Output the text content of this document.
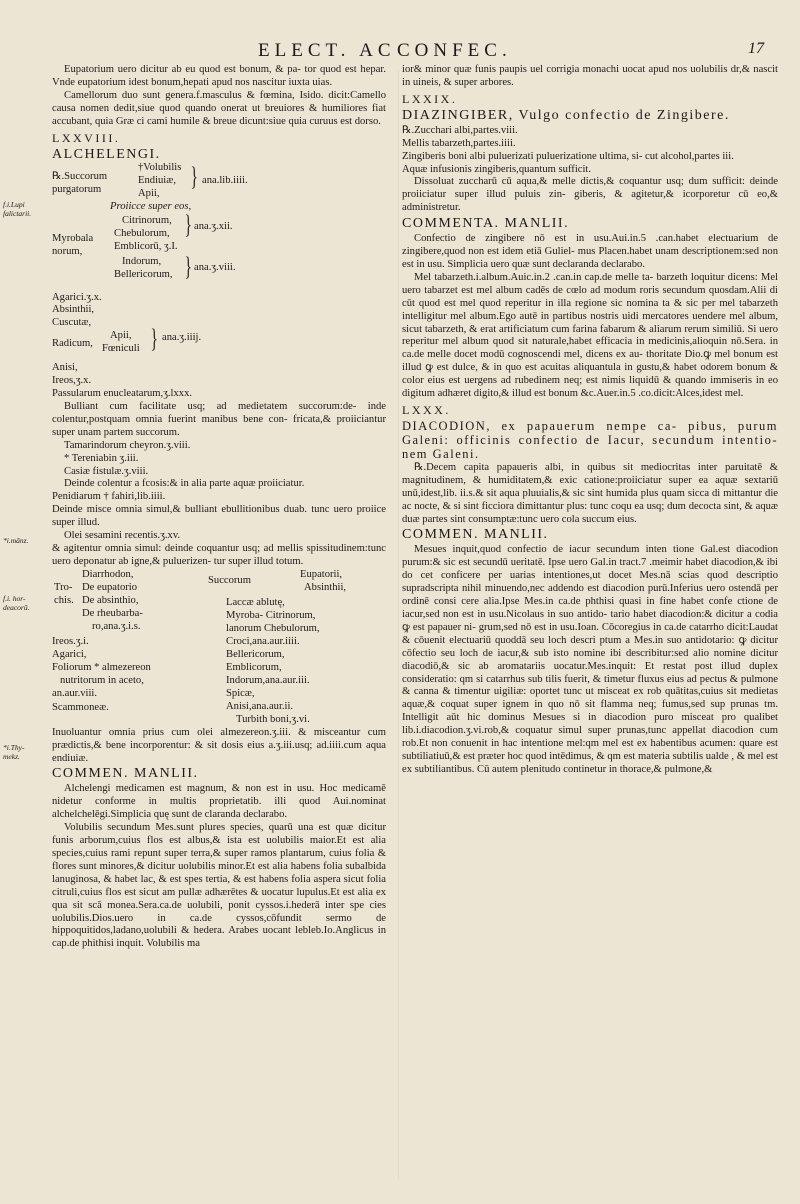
ELECT. AC CONFEC.	17
f.i.Lupi
falictarii.
*i.mānz.
f.i. hor-
deacorū.
*i.Thy-
mekz.

Eupatorium uero dicitur ab eu quod est bonum, & pa- tor quod est hepar. Vnde eupatorium idest bonum,hepati apud nos nascitur iuxta uias.

Camellorum duo sunt genera.f.masculus & fœmina, Isido. dicit:Camello causa nomen dedit,siue quod quando onerat ut breuiores & humiliores fiat accubant, quia Græ ci cami humile & breue dicunt:siue quia curuus est dorso.

LXXVIII.

ALCHELENGI.

℞.Succorum
purgatorum
†Volubilis
Endiuiæ,
Apii,
} ana.lib.iiii.
Proiicce super eos,
Citrinorum,
Chebulorum,
Myrobala
norum,	Emblicorū, ʒ.I.
} ana.ʒ.xii.
Indorum,
Bellericorum, } ana.ʒ.viii.

Agarici.ʒ.x.

Absinthii,

Cuscutæ,

Radicum,
Apii,
Fœniculi } ana.ʒ.iiij.

Anisi,

Ireos,ʒ.x.

Passularum enucleatarum,ʒ.lxxx.

Bulliant cum facilitate usq; ad medietatem succorum:de- inde colentur,postquam omnia fuerint manibus bene con- fricata,& proiiciantur super unam partem succorum.

Tamarindorum cheyron.ʒ.viii.

* Terenìabin ʒ.iii.

Casiæ fistulæ.ʒ.viii.

Deinde colentur a fcosis:& in alia parte aquæ proiiciatur.

Penidiarum † fahiri,lib.iiii.

Deinde misce omnia simul,& bulliant ebullitionibus duab. tunc uero proiice super illud.

Olei sesamini recentis.ʒ.xv.

& agitentur omnia simul: deinde coquantur usq; ad mellis spissitudinem:tunc uero deponatur ab igne,& puluerizen- tur super illud totum.

Diarrhodon,
Tro- De eupatorio
chis. De absinthio,
De rheubarba-
ro,ana.ʒ.i.s.
Ireos.ʒ.i.
Agarici,
Foliorum * almezereon
nutritorum in aceto,
an.aur.viii.
Scammoneæ.
Succorum
Eupatorii,
Absinthii,
Laccæ ablutę,
Myroba- Citrinorum,
lanorum Chebulorum,
Croci,ana.aur.iiii.
Bellericorum,
Emblicorum,
Indorum,ana.aur.iii.
Spicæ,
Anisi,ana.aur.ii.
Turbith boni,ʒ.vi.

Inuoluantur omnia prius cum olei almezereon.ʒ.iii. & misceantur cum prædictis,& bene incorporentur: & sit dosis eius a.ʒ.iii.usq; ad.iiii.cum aqua endiuiæ.

COMMEN. MANLII.

Alchelengi medicamen est magnum, & non est in usu. Hoc medicamē nidetur conforme in multis proprietatib. illi quod Aui.nominat alchelchelēgi.Simplicia quę sunt de claranda declarabo.

Volubilis secundum Mes.sunt plures species, quarū una est quæ dicitur funis arborum,cuius flos est albus,& ista est uolubilis maior.Et est alia species,cuius rami repunt super terra,& super ramos plantarum, cuius folia & flores sunt minores,& dicitur uolubilis minor.Et est alia habens folia subalbida lanuginosa, & habet lac, & est spes tertia, & est habens folia aspera sicut folia citruli,cuius flos est sicut am pullæ adhærētes & uocatur lupulus.Et est alia ex qua sit scā monea.Sera.ca.de uolubili, ponit cyssos.i.hederā inter spe cies uolubilis.Dios.uero in ca.de cyssos,cōfundit sermo de hippoquitidos,ladano,uolubili & hedera. Arabes uocant lebleb.Io.Anglicus in cap.de phithisi inquit. Volubilis ma

ior& minor quæ funis paupis uel corrigia monachi uocat apud nos uolubilis dr,& nascit in uineis, & super arbores.

LXXIX.

DIAZINGIBER, Vulgo confectio de Zingibere.

℞.Zucchari albi,partes.viii.

Mellis tabarzeth,partes.iiii.

Zingiberis boni albi puluerizati puluerizatione ultima, si- cut alcohol,partes iii.

Aquæ infusionis zingiberis,quantum sufficit.

Dissoluat zuccharū cū aqua,& melle dictis,& coquantur usq; dum sufficit: deinde proiiciatur super illud puluis zin- giberis, & agitetur,& icorporetur cū eo,& administretur.

COMMENTA. MANLII.

Confectio de zingibere nō est in usu.Aui.in.5 .can.habet electuarium de zingibere,quod non est idem etiā Guliel- mus Placen.habet unam descriptionem:sed non est in usu. Simplicia uero quæ sunt declaranda declarabo.

Mel tabarzeth.i.album.Auic.in.2 .can.in cap.de melle ta- barzeth loquitur dicens: Mel uero tabarzet est mel album cadēs de cœlo ad modum roris secundum quosdam.Alii di cūt quod est mel quod reperitur in illa regione sic nomina ta & sic per mel tabarzeth intelligitur mel album.Ego autē in partibus nostris uidi mercatores uendere mel album, sicut tabarzeth, & erat artificiatum cum farina fabarum & aliarum rerum similiū. Si uero reperitur mel album quod sit naturale,habet efficacia in medicinis,alioquin nō.Sera. in ca.de melle docet modū cognoscendi mel, dicens ex au- thoritate Dio.ꝙ mel bonum est illud ꝙ est dulce, & in quo est acuitas aliquantula in gustu,& habet odorem bonum & color eius est uergens ad rubedinem neq; est nimis liquidū & quando immiseris in eo digitum adhæret digito,& illud est bonum &c.Auer.in.5 .co.dicit:Alces,idest mel.

LXXX.

DIACODION, ex papauerum nempe ca- pibus, purum Galeni: officinis confectio de Iacur, secundum intentio- nem Galeni.

℞.Decem capita papaueris albi, in quibus sit mediocritas inter paruitatē & magnitudinem, & humiditatem,& exic catione:proiiciatur super ea aquæ sextariū unū,idest,lib. ii.s.& sit aqua pluuialis,& sic sint humida plus quam sicca di mittantur die ac nocte, & si sint ficciora dimittantur plus: tunc coqu ea usq; dum decocta sint, & aquæ duæ partes sint consumptæ:tunc uero cola succum eius.

COMMEN. MANLII.

Mesues inquit,quod confectio de iacur secundum inten tione Gal.est diacodion purum:& sic est secundū ueritatē. Ipse uero Gal.in tract.7 .meimir habet diacodion,& ibi do cet conficere per uarias intentiones,ut docet Mes.nā scias quod descriptio supradscripta nihil minuendo,nec addendo est diacodion purū.Inferius uero ostendā per ordinē consi cere alia.Ipse Mes.in ca.de phthisi quasi in fine habet confe ctione de iacur,sed non est in usu.Nicolaus in suo antido- tario habet diacodion:& dicitur a codia ꝙ est papauer ni- grum,sed nō est in usu.Ioan. Cōcoregius in ca.de catarrho dicit:Laudat & cōuenit electuariū quoddā seu loch descri ptum a Mes.in suo antidotario: ꝙ dicitur cōfectio seu loch de iacur,& sub isto nomine ibi describitur:sed alio nomine dicitur diacodiō,& sic ab aromatariis uocatur.Mes.inquit: Et restat post illud duplex consideratio: qm si catarrhus sub tilis fuerit, & timetur fluxus eius ad pectus & pulmone & canna & timentur uigiliæ: oportet tunc ut misceat ex rob quātitas,cuius sit medietas aquæ,& coquat super ignem in quo nō sit flamma neq; fumus,sed sup prunas tm. Intelligit aūt hic dominus Mesues si in diacodion puro misceat pro qualibet lib.i.diacodion.ʒ.vi.rob,& coquatur simul super prunas,tunc appellat diacodion cum rob.Et non conuenit in hac intentione mel:qm mel est ex habentibus acumen: quare est subtiliatiuū,& est præter hoc quod intēdimus, & qm est materia subtilis ualde , & mel est ex subtiliantibus. Cū autem plenitudo continetur in thorace,& pulmone,&
